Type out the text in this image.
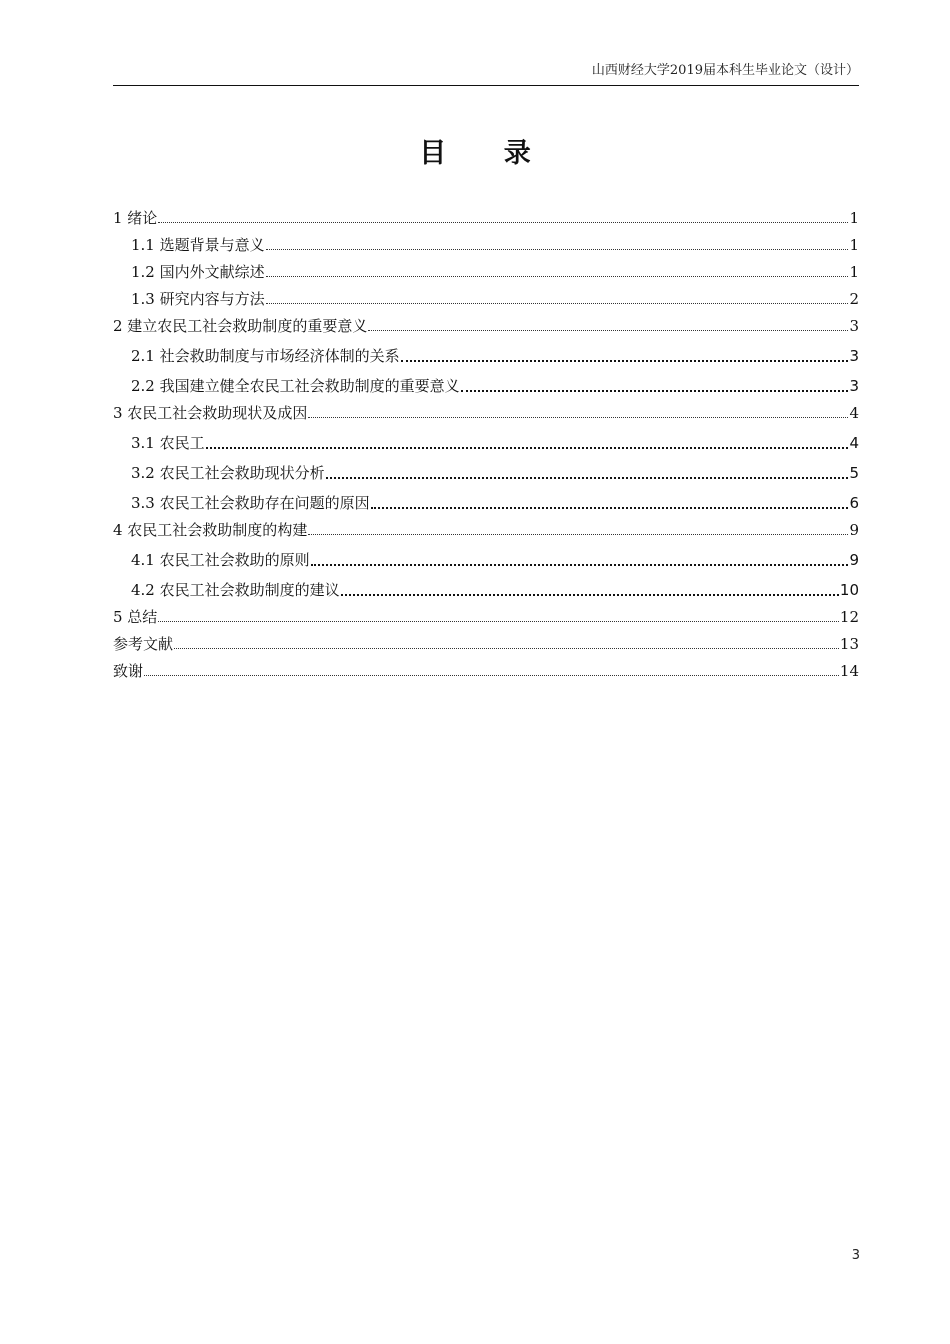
山西财经大学2019届本科生毕业论文（设计）
目 录
1 绪论	1
1.1 选题背景与意义	1
1.2 国内外文献综述	1
1.3 研究内容与方法	2
2 建立农民工社会救助制度的重要意义	3
2.1 社会救助制度与市场经济体制的关系	3
2.2 我国建立健全农民工社会救助制度的重要意义	3
3 农民工社会救助现状及成因	4
3.1 农民工	4
3.2 农民工社会救助现状分析	5
3.3 农民工社会救助存在问题的原因	6
4 农民工社会救助制度的构建	9
4.1 农民工社会救助的原则	9
4.2 农民工社会救助制度的建议	10
5 总结	12
参考文献	13
致谢	14
3
